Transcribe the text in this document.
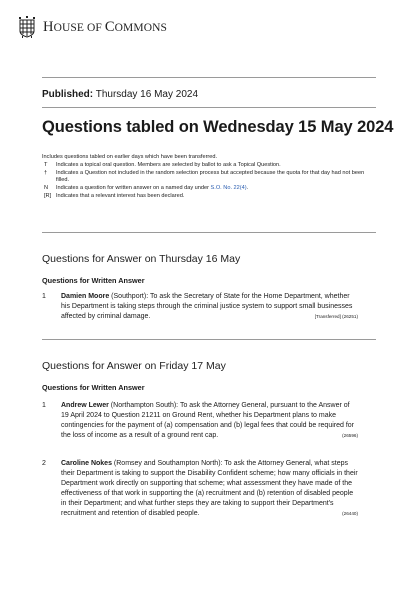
HOUSE OF COMMONS
Published: Thursday 16 May 2024
Questions tabled on Wednesday 15 May 2024
Includes questions tabled on earlier days which have been transferred.
T	Indicates a topical oral question. Members are selected by ballot to ask a Topical Question.
†	Indicates a Question not included in the random selection process but accepted because the quota for that day had not been filled.
N	Indicates a question for written answer on a named day under S.O. No. 22(4).
[R] Indicates that a relevant interest has been declared.
Questions for Answer on Thursday 16 May
Questions for Written Answer
1	Damien Moore (Southport): To ask the Secretary of State for the Home Department, whether his Department is taking steps through the criminal justice system to support small businesses affected by criminal damage.	[Transferred] (26251)
Questions for Answer on Friday 17 May
Questions for Written Answer
1	Andrew Lewer (Northampton South): To ask the Attorney General, pursuant to the Answer of 19 April 2024 to Question 21211 on Ground Rent, whether his Department plans to make contingencies for the payment of (a) compensation and (b) legal fees that could be required for the loss of income as a result of a ground rent cap.	(26596)
2	Caroline Nokes (Romsey and Southampton North): To ask the Attorney General, what steps their Department is taking to support the Disability Confident scheme; how many officials in their Department work directly on supporting that scheme; what assessment they have made of the effectiveness of that work in supporting the (a) recruitment and (b) retention of disabled people in their Department; and what further steps they are taking to support their Department's recruitment and retention of disabled people.	(26440)
